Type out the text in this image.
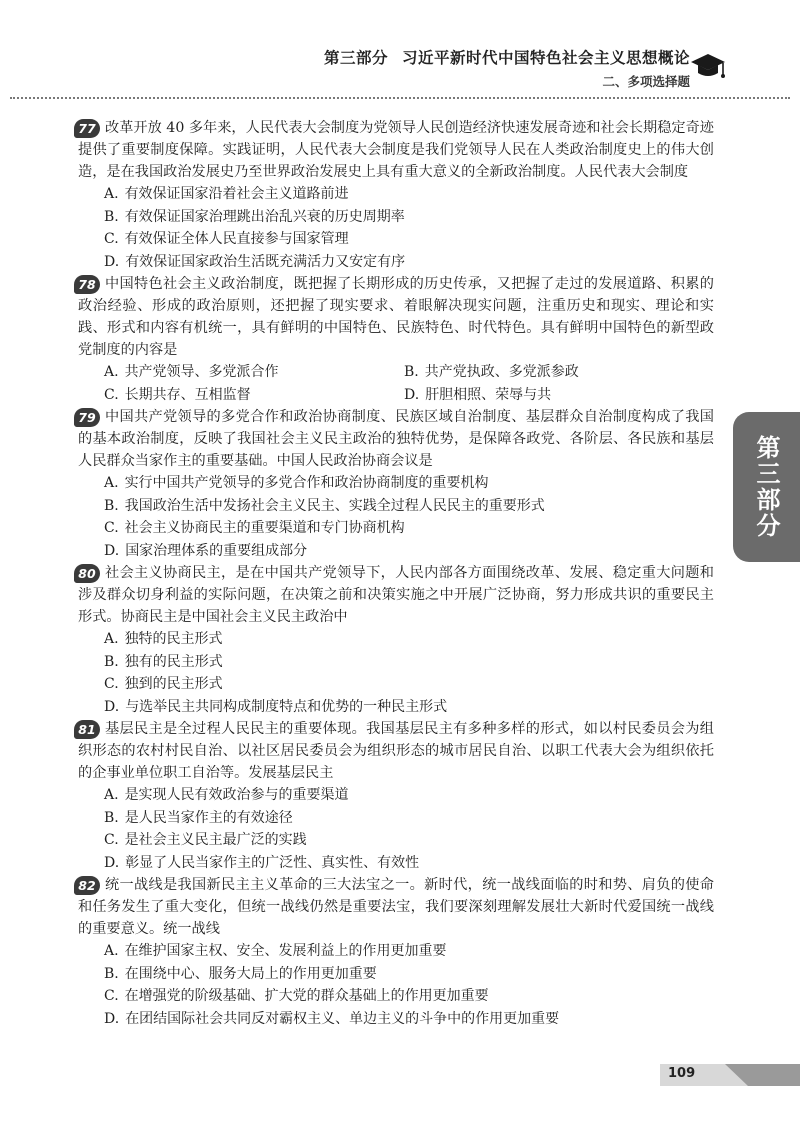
第三部分 习近平新时代中国特色社会主义思想概论
二、多项选择题
第三部分

77 改革开放 40 多年来，人民代表大会制度为党领导人民创造经济快速发展奇迹和社会长期稳定奇迹提供了重要制度保障。实践证明，人民代表大会制度是我们党领导人民在人类政治制度史上的伟大创造，是在我国政治发展史乃至世界政治发展史上具有重大意义的全新政治制度。人民代表大会制度

A. 有效保证国家沿着社会主义道路前进
B. 有效保证国家治理跳出治乱兴衰的历史周期率
C. 有效保证全体人民直接参与国家管理
D. 有效保证国家政治生活既充满活力又安定有序

78 中国特色社会主义政治制度，既把握了长期形成的历史传承，又把握了走过的发展道路、积累的政治经验、形成的政治原则，还把握了现实要求、着眼解决现实问题，注重历史和现实、理论和实践、形式和内容有机统一，具有鲜明的中国特色、民族特色、时代特色。具有鲜明中国特色的新型政党制度的内容是

A. 共产党领导、多党派合作	B. 共产党执政、多党派参政
C. 长期共存、互相监督	D. 肝胆相照、荣辱与共

79 中国共产党领导的多党合作和政治协商制度、民族区域自治制度、基层群众自治制度构成了我国的基本政治制度，反映了我国社会主义民主政治的独特优势，是保障各政党、各阶层、各民族和基层人民群众当家作主的重要基础。中国人民政治协商会议是

A. 实行中国共产党领导的多党合作和政治协商制度的重要机构
B. 我国政治生活中发扬社会主义民主、实践全过程人民民主的重要形式
C. 社会主义协商民主的重要渠道和专门协商机构
D. 国家治理体系的重要组成部分

80 社会主义协商民主，是在中国共产党领导下，人民内部各方面围绕改革、发展、稳定重大问题和涉及群众切身利益的实际问题，在决策之前和决策实施之中开展广泛协商，努力形成共识的重要民主形式。协商民主是中国社会主义民主政治中

A. 独特的民主形式
B. 独有的民主形式
C. 独到的民主形式
D. 与选举民主共同构成制度特点和优势的一种民主形式

81 基层民主是全过程人民民主的重要体现。我国基层民主有多种多样的形式，如以村民委员会为组织形态的农村村民自治、以社区居民委员会为组织形态的城市居民自治、以职工代表大会为组织依托的企事业单位职工自治等。发展基层民主

A. 是实现人民有效政治参与的重要渠道
B. 是人民当家作主的有效途径
C. 是社会主义民主最广泛的实践
D. 彰显了人民当家作主的广泛性、真实性、有效性

82 统一战线是我国新民主主义革命的三大法宝之一。新时代，统一战线面临的时和势、肩负的使命和任务发生了重大变化，但统一战线仍然是重要法宝，我们要深刻理解发展壮大新时代爱国统一战线的重要意义。统一战线

A. 在维护国家主权、安全、发展利益上的作用更加重要
B. 在围绕中心、服务大局上的作用更加重要
C. 在增强党的阶级基础、扩大党的群众基础上的作用更加重要
D. 在团结国际社会共同反对霸权主义、单边主义的斗争中的作用更加重要
109
